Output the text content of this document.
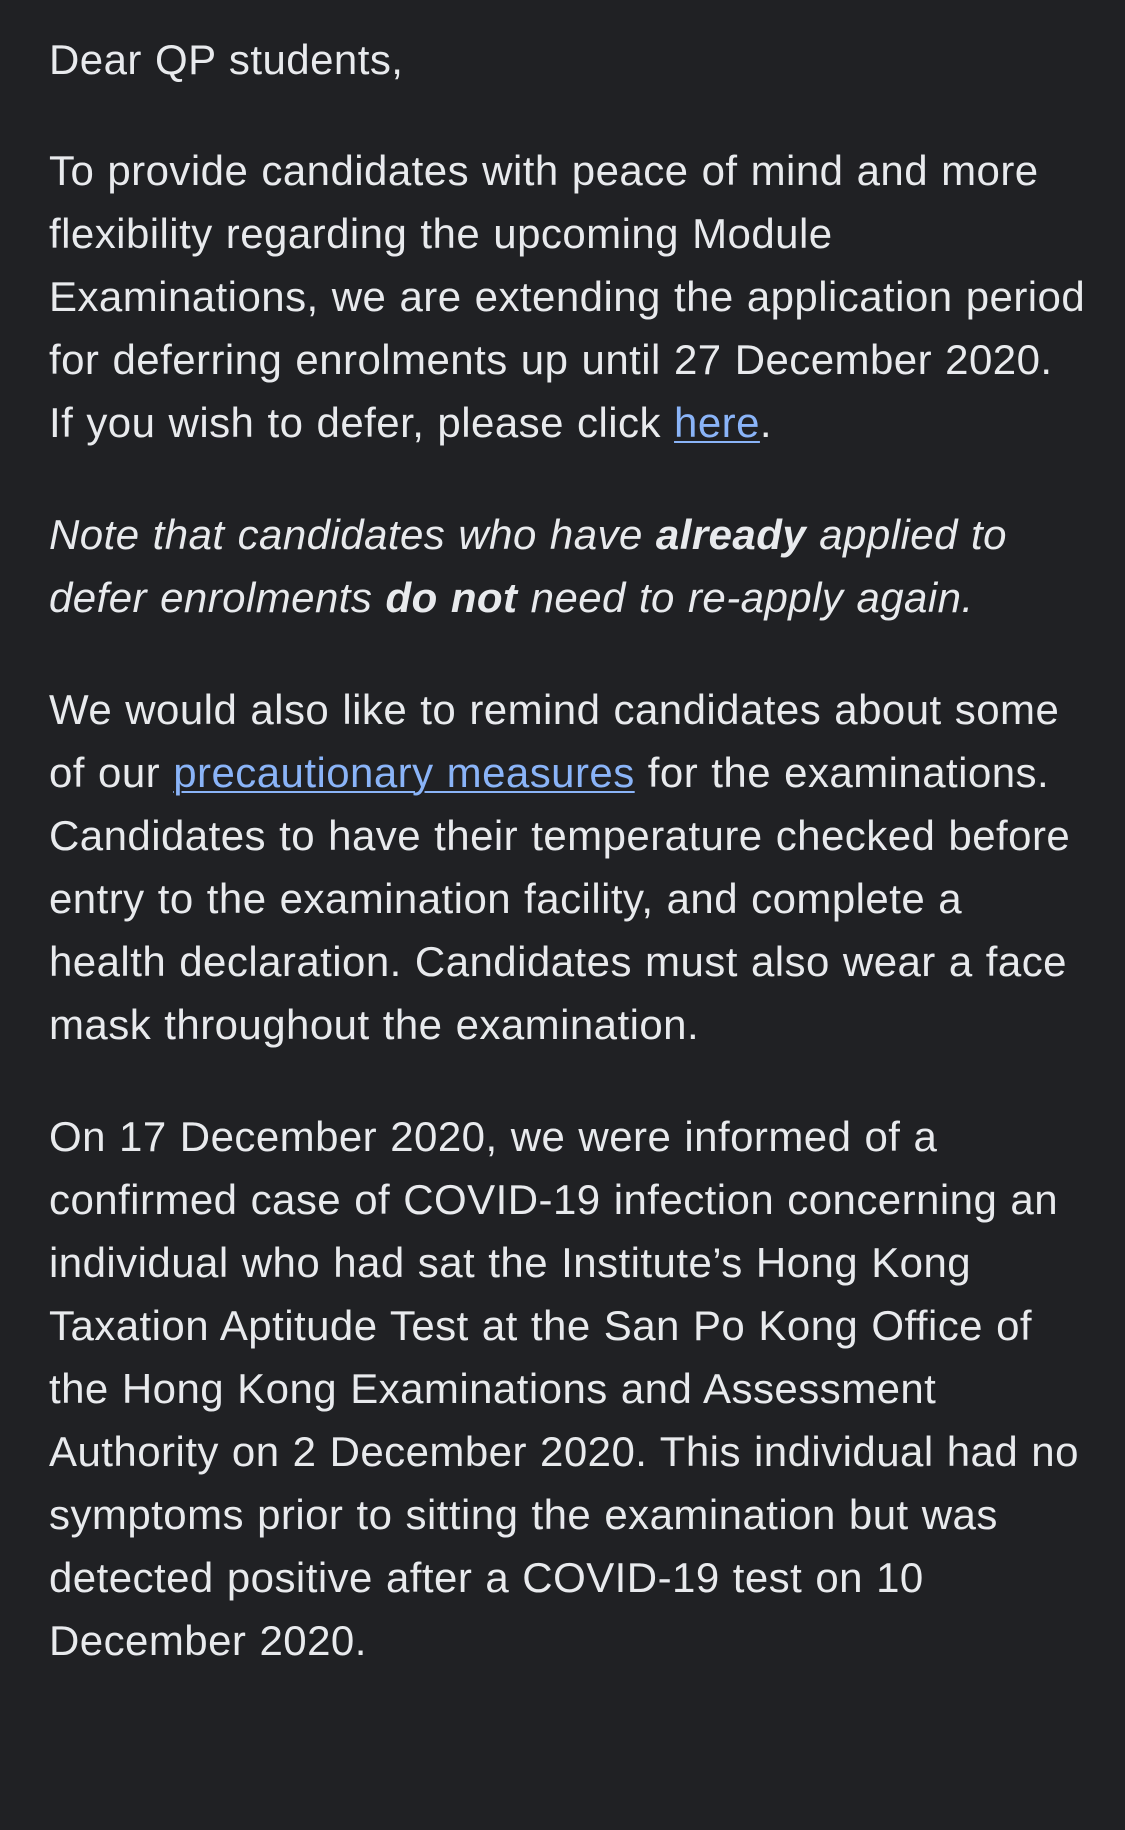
Dear QP students,

To provide candidates with peace of mind and more flexibility regarding the upcoming Module Examinations, we are extending the application period for deferring enrolments up until 27 December 2020. If you wish to defer, please click here.

Note that candidates who have already applied to defer enrolments do not need to re-apply again.

We would also like to remind candidates about some of our precautionary measures for the examinations. Candidates to have their temperature checked before entry to the examination facility, and complete a health declaration. Candidates must also wear a face mask throughout the examination.

On 17 December 2020, we were informed of a confirmed case of COVID-19 infection concerning an individual who had sat the Institute’s Hong Kong Taxation Aptitude Test at the San Po Kong Office of the Hong Kong Examinations and Assessment Authority on 2 December 2020. This individual had no symptoms prior to sitting the examination but was detected positive after a COVID-19 test on 10 December 2020.
